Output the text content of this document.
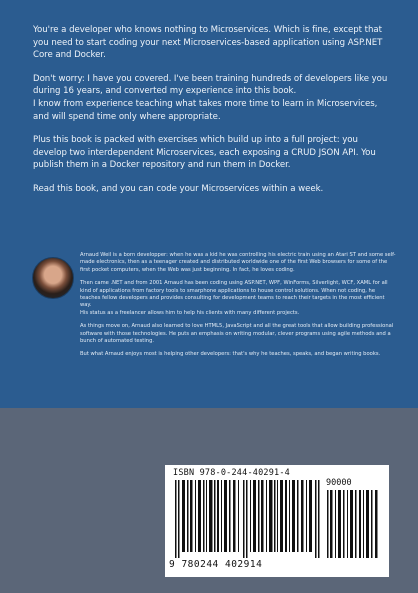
You're a developer who knows nothing to Microservices. Which is fine, except that you need to start coding your next Microservices-based application using ASP.NET Core and Docker.

Don't worry: I have you covered. I've been training hundreds of developers like you during 16 years, and converted my experience into this book.

I know from experience teaching what takes more time to learn in Microservices, and will spend time only where appropriate.

Plus this book is packed with exercises which build up into a full project: you develop two interdependent Microservices, each exposing a CRUD JSON API. You publish them in a Docker repository and run them in Docker.

Read this book, and you can code your Microservices within a week.

Arnaud Weil is a born developper: when he was a kid he was controlling his electric train using an Atari ST and some self-made electronics, then as a teenager created and distributed worldwide one of the first Web browsers for some of the first pocket computers, when the Web was just beginning. In fact, he loves coding.

Then came .NET and from 2001 Arnaud has been coding using ASP.NET, WPF, WinForms, Silverlight, WCF, XAML for all kind of applications from factory tools to smarphone applications to house control solutions. When not coding, he teaches fellow developers and provides consulting for development teams to reach their targets in the most efficient way.

His status as a freelancer allows him to help his clients with many different projects.

As things move on, Arnaud also learned to love HTML5, JavaScript and all the great tools that allow building professional software with those technologies. He puts an emphasis on writing modular, clever programs using agile methods and a bunch of automated testing.

But what Arnaud enjoys most is helping other developers: that's why he teaches, speaks, and began writing books.

ISBN 978-0-244-40291-4
90000
9 780244 402914
